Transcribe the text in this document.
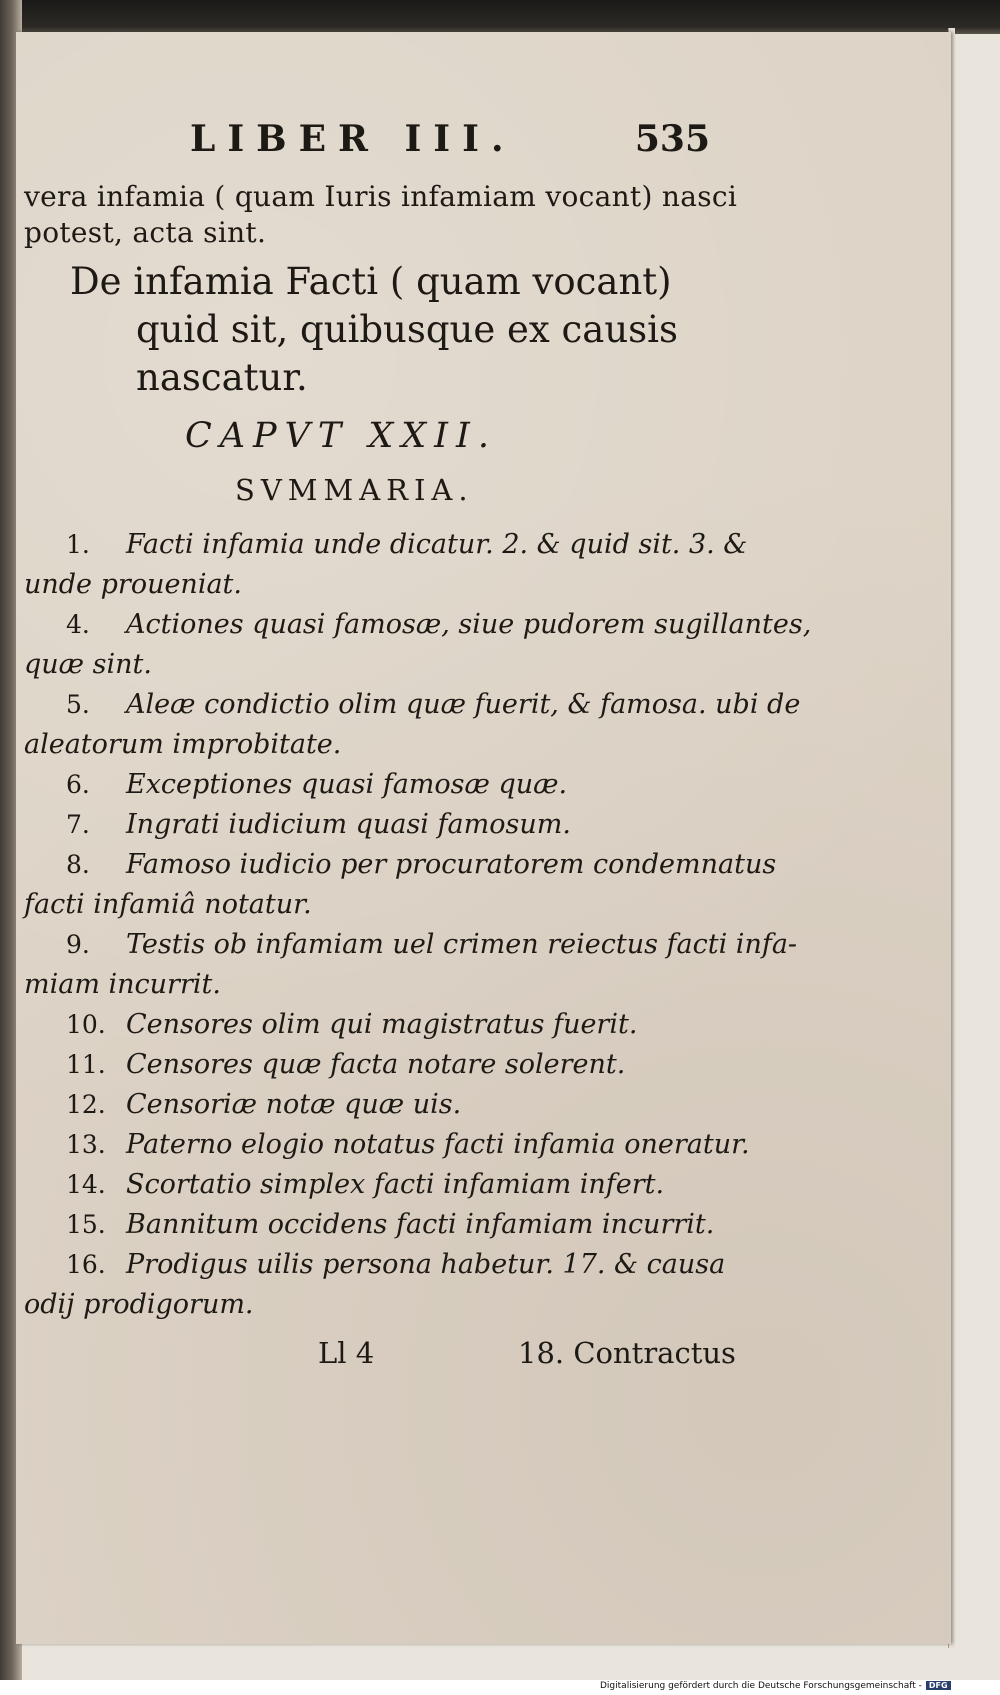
LIBER III.	535
vera infamia ( quam Iuris infamiam vocant) nasci
potest, acta sint.
De infamia Facti ( quam vocant)
quid sit, quibusque ex causis
nascatur.
CAPVT XXII.
SVMMARIA.
1. Facti infamia unde dicatur. 2. & quid sit. 3. &
unde proueniat.
4. Actiones quasi famosæ, siue pudorem sugillantes,
quæ sint.
5. Aleæ condictio olim quæ fuerit, & famosa. ubi de
aleatorum improbitate.
6. Exceptiones quasi famosæ quæ.
7. Ingrati iudicium quasi famosum.
8. Famoso iudicio per procuratorem condemnatus
facti infamiâ notatur.
9. Testis ob infamiam uel crimen reiectus facti infa-
miam incurrit.
10. Censores olim qui magistratus fuerit.
11. Censores quæ facta notare solerent.
12. Censoriæ notæ quæ uis.
13. Paterno elogio notatus facti infamia oneratur.
14. Scortatio simplex facti infamiam infert.
15. Bannitum occidens facti infamiam incurrit.
16. Prodigus uilis persona habetur. 17. & causa
odij prodigorum.
Ll 4	18. Contractus
Digitalisierung gefördert durch die Deutsche Forschungsgemeinschaft - DFG
